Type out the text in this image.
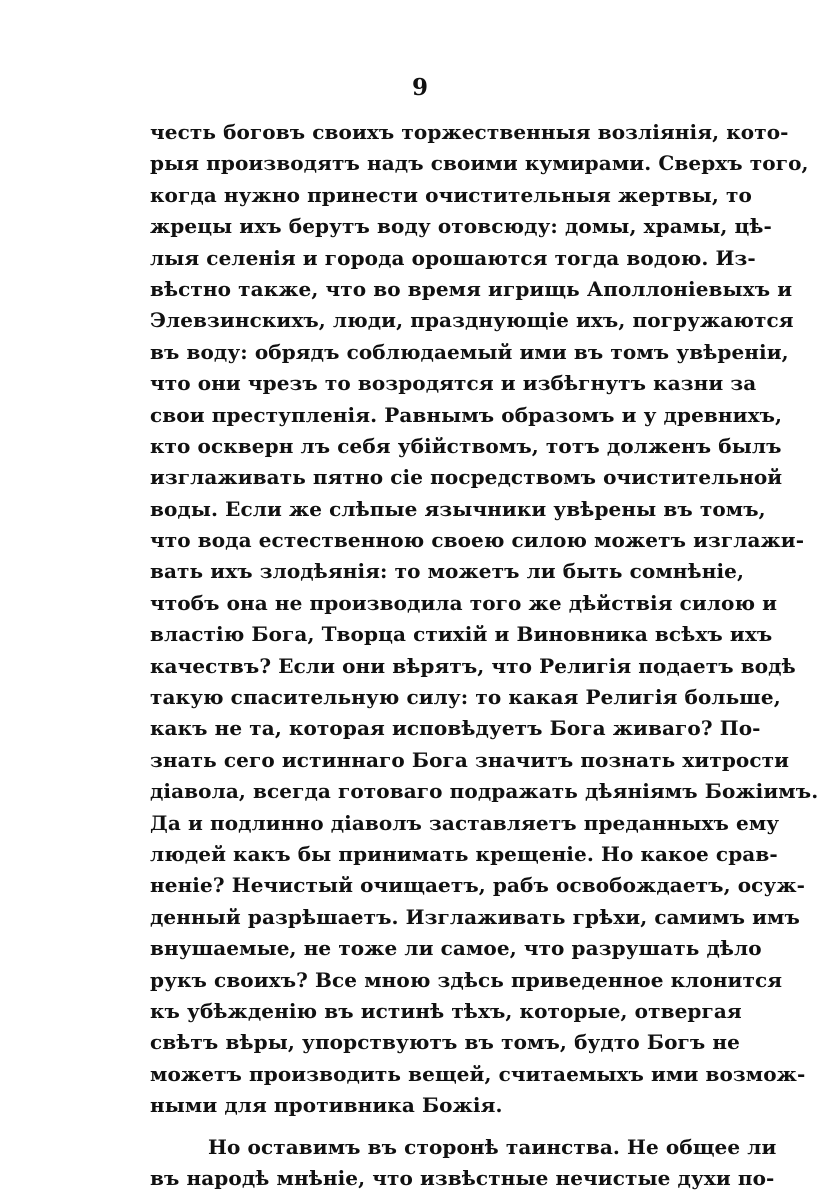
9
честь боговъ своихъ торжественныя возліянія, кото-
рыя производятъ надъ своими кумирами. Сверхъ того,
когда нужно принести очистительныя жертвы, то
жрецы ихъ берутъ воду отовсюду: домы, храмы, цѣ-
лыя селенія и города орошаются тогда водою. Из-
вѣстно также, что во время игрищь Аполлоніевыхъ и
Элевзинскихъ, люди, празднующіе ихъ, погружаются
въ воду: обрядъ соблюдаемый ими въ томъ увѣреніи,
что они чрезъ то возродятся и избѣгнутъ казни за
свои преступленія. Равнымъ образомъ и у древнихъ,
кто оскверн лъ себя убійствомъ, тотъ долженъ былъ
изглаживать пятно сіе посредствомъ очистительной
воды. Если же слѣпые язычники увѣрены въ томъ,
что вода естественною своею силою можетъ изглажи-
вать ихъ злодѣянія: то можетъ ли быть сомнѣніе,
чтобъ она не производила того же дѣйствія силою и
властію Бога, Творца стихій и Виновника всѣхъ ихъ
качествъ? Если они вѣрятъ, что Религія подаетъ водѣ
такую спасительную силу: то какая Религія больше,
какъ не та, которая исповѣдуетъ Бога живаго? По-
знать сего истиннаго Бога значитъ познать хитрости
діавола, всегда готоваго подражать дѣяніямъ Божіимъ.
Да и подлинно діаволъ заставляетъ преданныхъ ему
людей какъ бы принимать крещеніе. Но какое срав-
неніе? Нечистый очищаетъ, рабъ освобождаетъ, осуж-
денный разрѣшаетъ. Изглаживать грѣхи, самимъ имъ
внушаемые, не тоже ли самое, что разрушать дѣло
рукъ своихъ? Все мною здѣсь приведенное клонится
къ убѣжденію въ истинѣ тѣхъ, которые, отвергая
свѣтъ вѣры, упорствуютъ въ томъ, будто Богъ не
можетъ производить вещей, считаемыхъ ими возмож-
ными для противника Божія.
Но оставимъ въ сторонѣ таинства. Не общее ли
въ народѣ мнѣніе, что извѣстные нечистые духи по-
